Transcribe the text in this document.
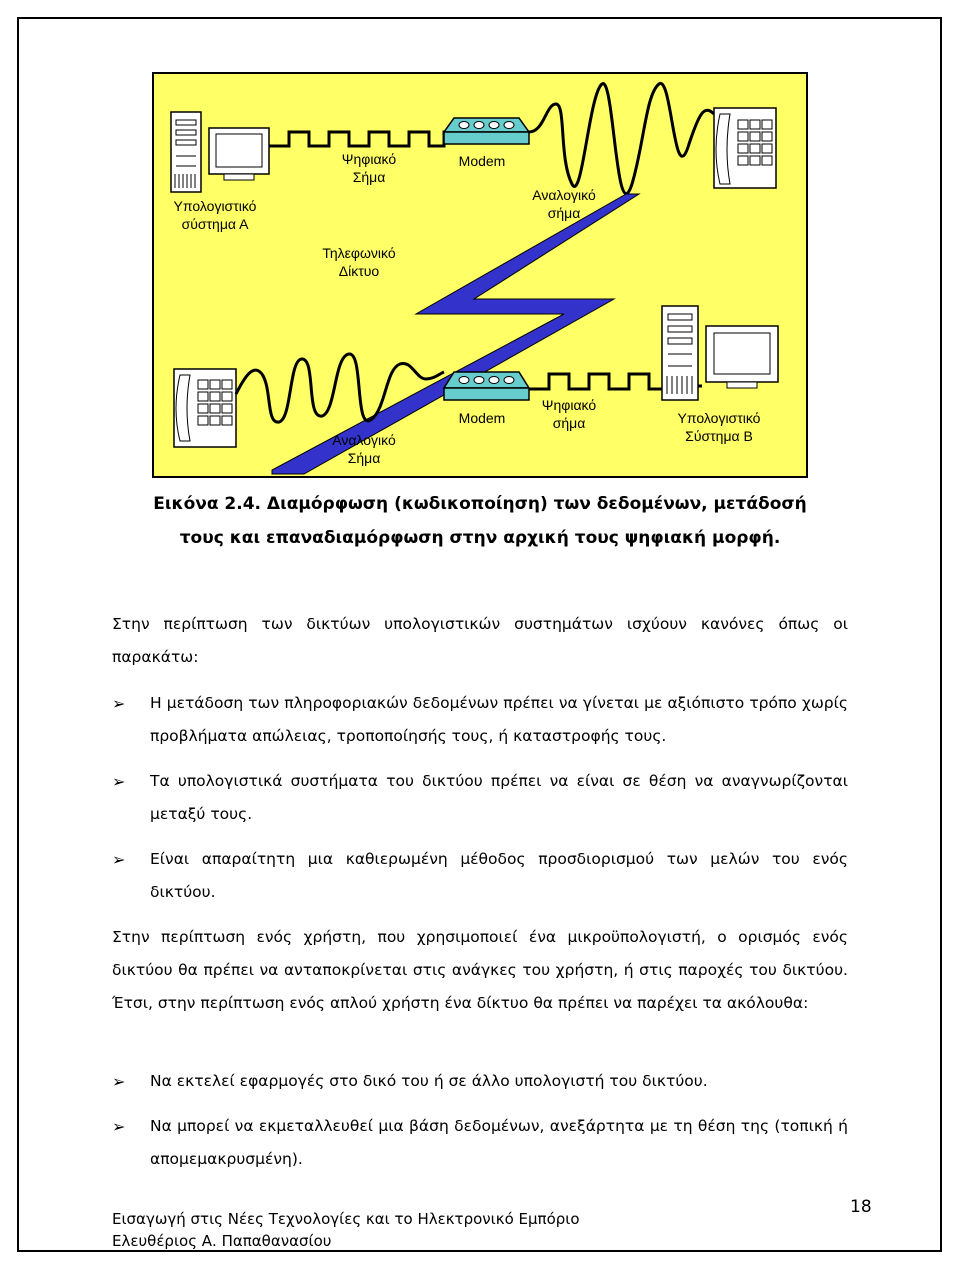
Υπολογιστικό
σύστημα Α
Ψηφιακό
Σήμα
Modem
Αναλογικό
σήμα
Τηλεφωνικό
Δίκτυο
Αναλογικό
Σήμα
Modem
Ψηφιακό
σήμα	Υπολογιστικό
Σύστημα Β
Εικόνα 2.4. Διαμόρφωση (κωδικοποίηση) των δεδομένων, μετάδοσή
τους και επαναδιαμόρφωση στην αρχική τους ψηφιακή μορφή.
Στην περίπτωση των δικτύων υπολογιστικών συστημάτων ισχύουν κανόνες όπως οι παρακάτω:
➢ Η μετάδοση των πληροφοριακών δεδομένων πρέπει να γίνεται με αξιόπιστο τρόπο χωρίς προβλήματα απώλειας, τροποποίησής τους, ή καταστροφής τους.
➢ Τα υπολογιστικά συστήματα του δικτύου πρέπει να είναι σε θέση να αναγνωρίζονται μεταξύ τους.
➢ Είναι απαραίτητη μια καθιερωμένη μέθοδος προσδιορισμού των μελών του ενός δικτύου.
Στην περίπτωση ενός χρήστη, που χρησιμοποιεί ένα μικροϋπολογιστή, ο ορισμός ενός δικτύου θα πρέπει να ανταποκρίνεται στις ανάγκες του χρήστη, ή στις παροχές του δικτύου. Έτσι, στην περίπτωση ενός απλού χρήστη ένα δίκτυο θα πρέπει να παρέχει τα ακόλουθα:
➢ Να εκτελεί εφαρμογές στο δικό του ή σε άλλο υπολογιστή του δικτύου.
➢ Να μπορεί να εκμεταλλευθεί μια βάση δεδομένων, ανεξάρτητα με τη θέση της (τοπική ή απομεμακρυσμένη).
Εισαγωγή στις Νέες Τεχνολογίες και το Ηλεκτρονικό Εμπόριο
Ελευθέριος Α. Παπαθανασίου
18
